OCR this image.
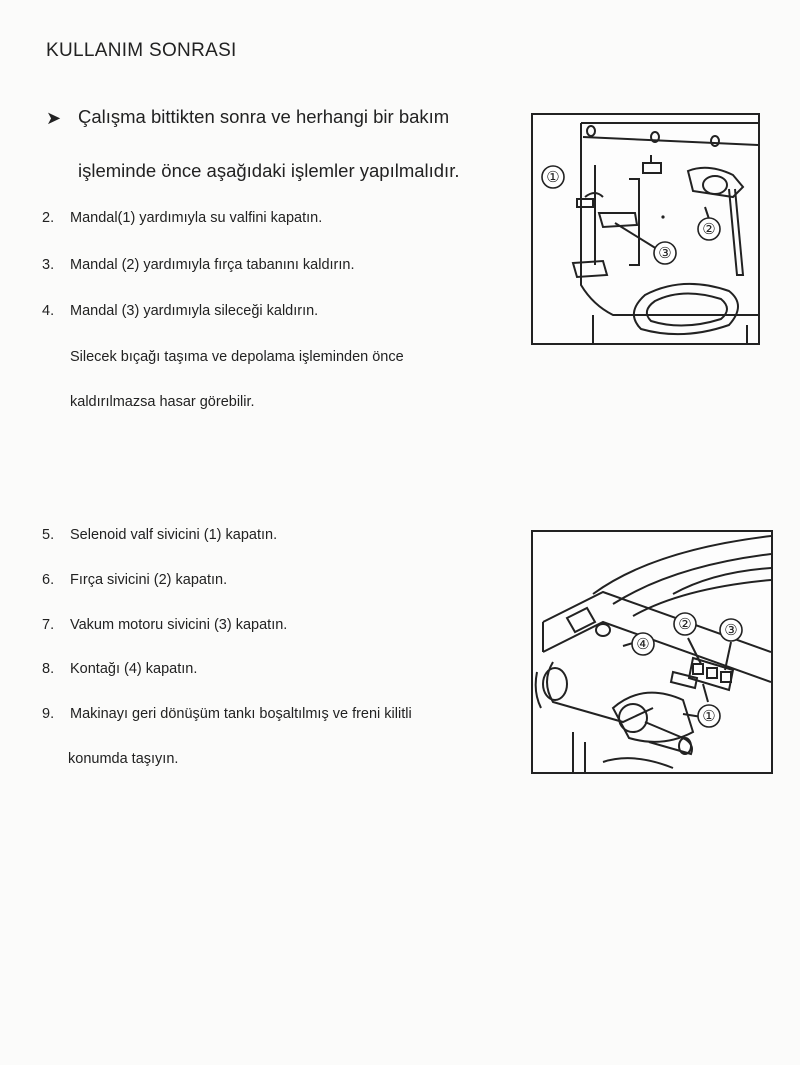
KULLANIM SONRASI
➤ Çalışma bittikten sonra ve herhangi bir bakım
işleminde önce aşağıdaki işlemler yapılmalıdır.
2. Mandal(1) yardımıyla su valfini kapatın.
3. Mandal (2) yardımıyla fırça tabanını kaldırın.
4. Mandal (3) yardımıyla sileceği kaldırın.
Silecek bıçağı taşıma ve depolama işleminden önce
kaldırılmazsa hasar görebilir.
①
②
③
5. Selenoid valf sivicini (1) kapatın.
6. Fırça sivicini (2) kapatın.
7. Vakum motoru sivicini (3) kapatın.
8. Kontağı (4) kapatın.
9. Makinayı geri dönüşüm tankı boşaltılmış ve freni kilitli
konumda taşıyın.
④
② ③
①
